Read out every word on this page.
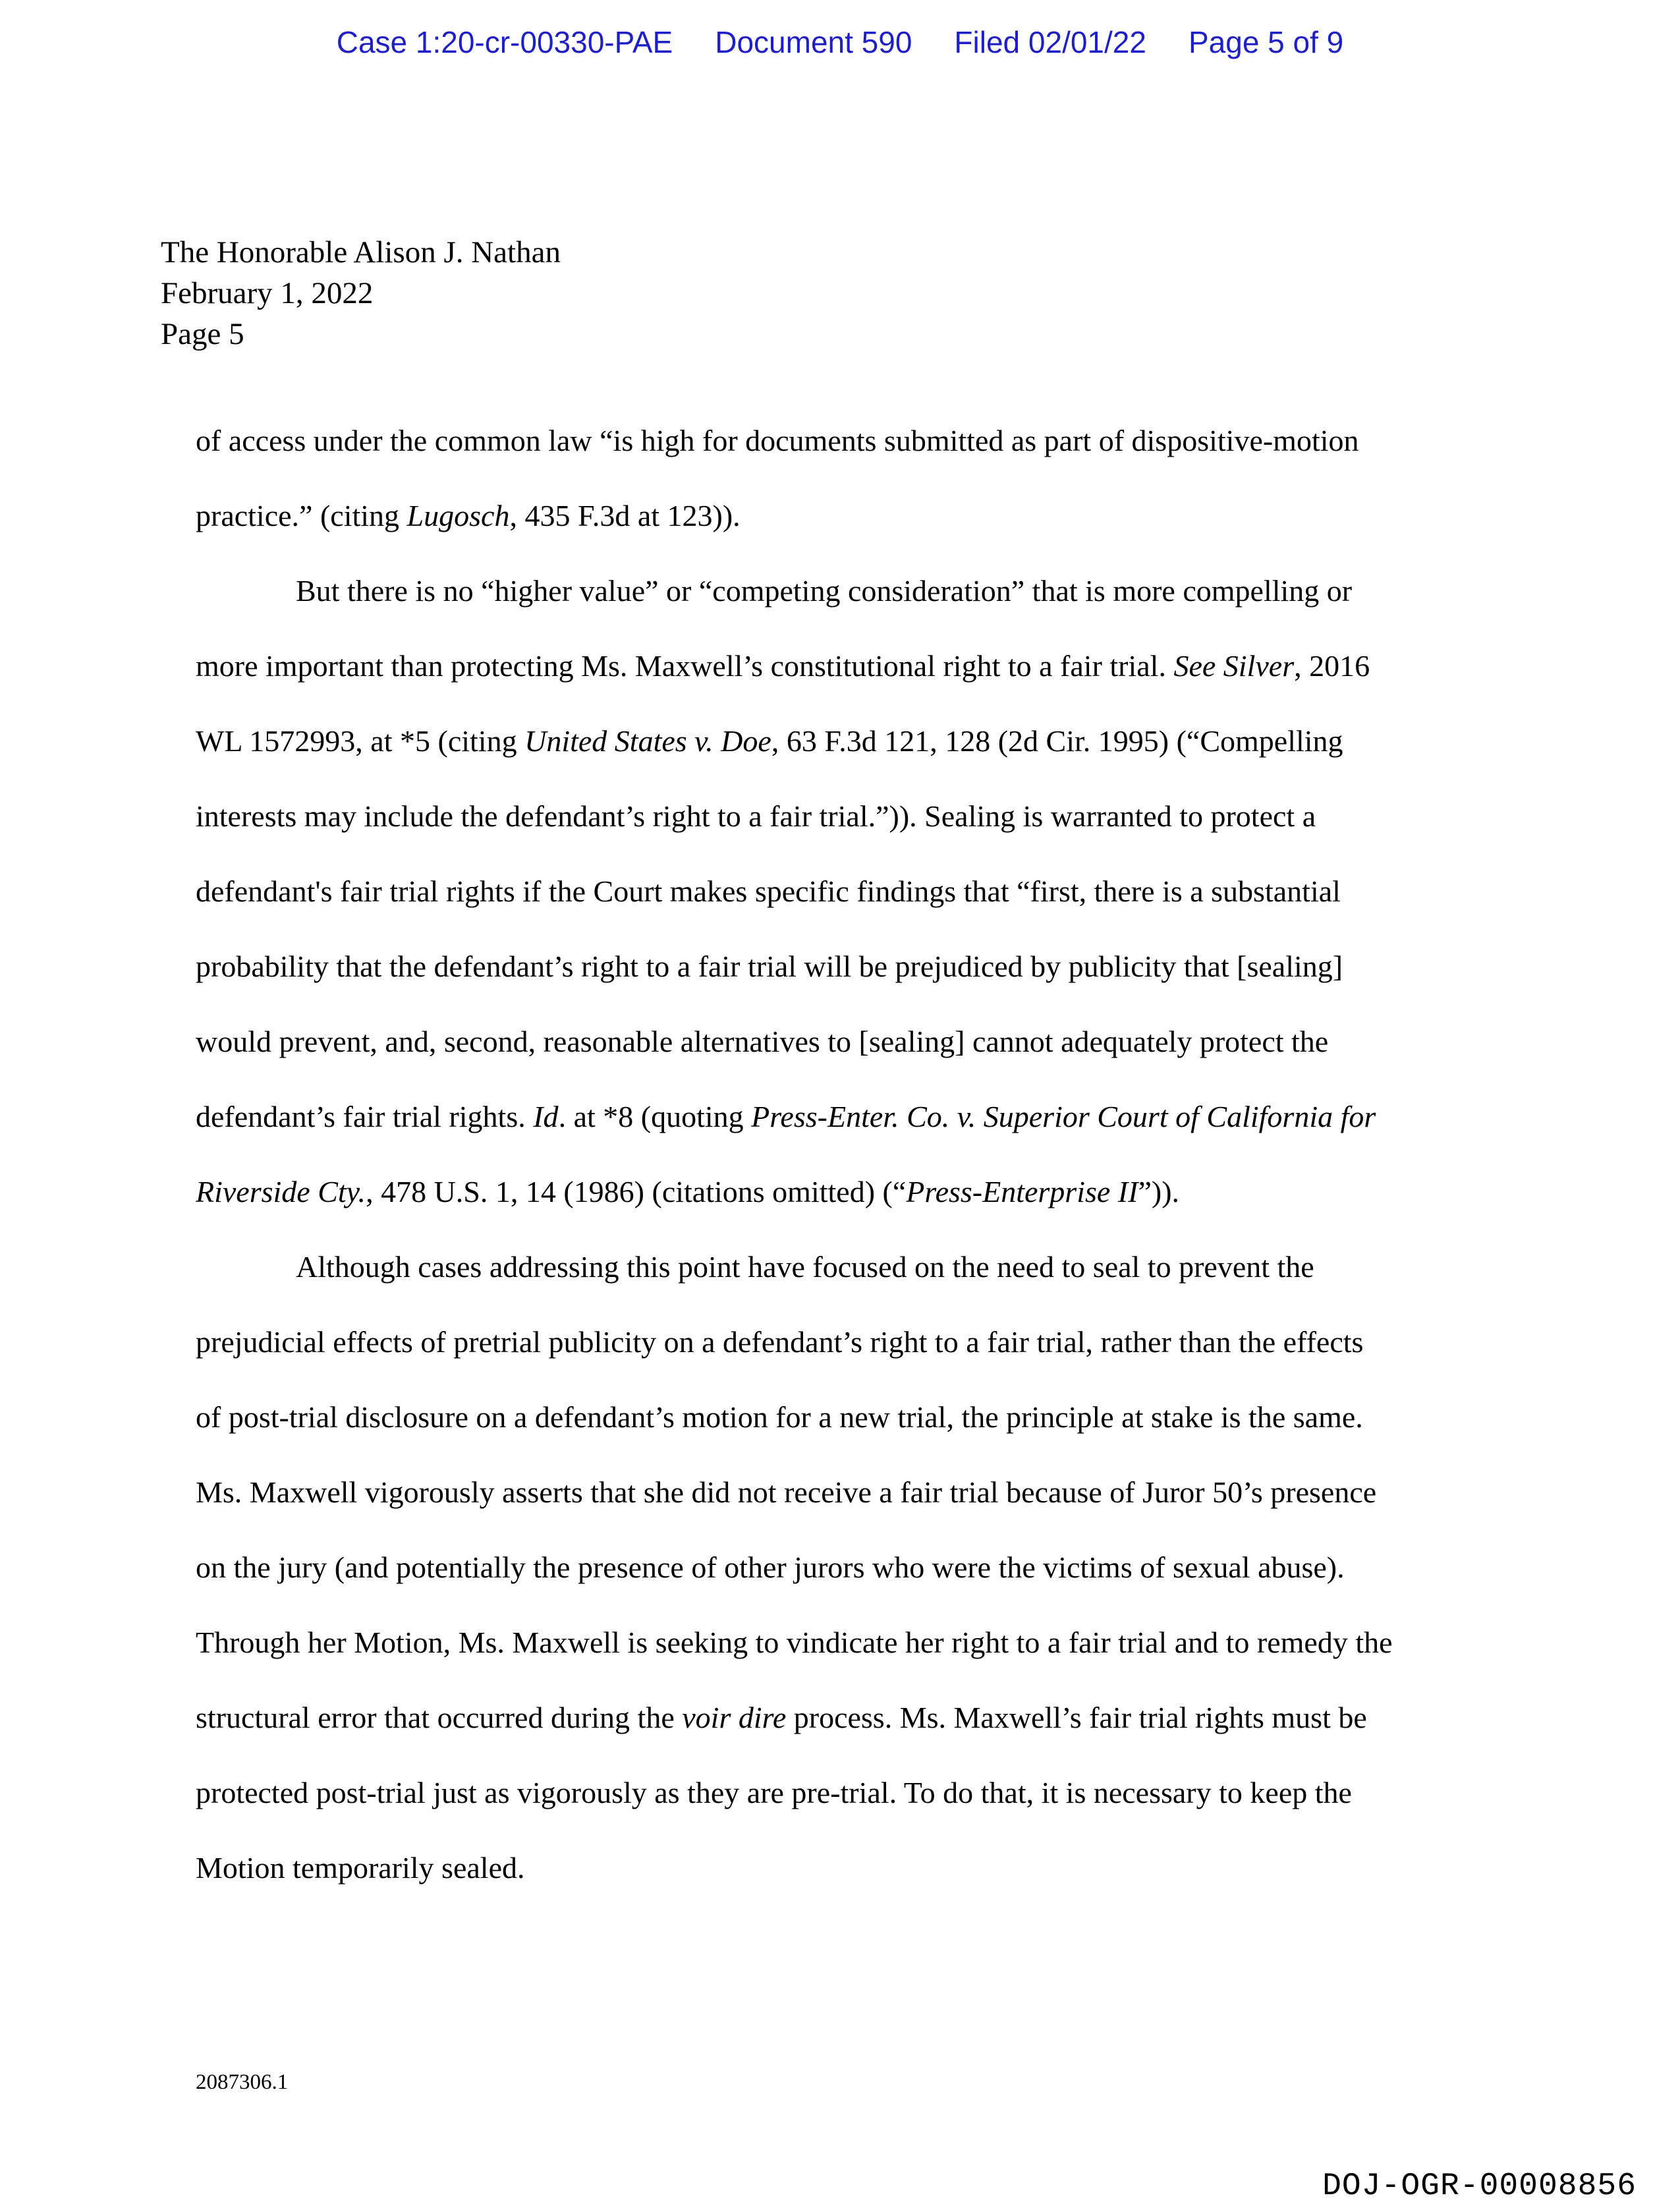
Case 1:20-cr-00330-PAE Document 590 Filed 02/01/22 Page 5 of 9
The Honorable Alison J. Nathan
February 1, 2022
Page 5
of access under the common law “is high for documents submitted as part of dispositive-motion
practice.” (citing Lugosch, 435 F.3d at 123)).
But there is no “higher value” or “competing consideration” that is more compelling or
more important than protecting Ms. Maxwell’s constitutional right to a fair trial. See Silver, 2016
WL 1572993, at *5 (citing United States v. Doe, 63 F.3d 121, 128 (2d Cir. 1995) (“Compelling
interests may include the defendant’s right to a fair trial.”)). Sealing is warranted to protect a
defendant's fair trial rights if the Court makes specific findings that “first, there is a substantial
probability that the defendant’s right to a fair trial will be prejudiced by publicity that [sealing]
would prevent, and, second, reasonable alternatives to [sealing] cannot adequately protect the
defendant’s fair trial rights. Id. at *8 (quoting Press-Enter. Co. v. Superior Court of California for
Riverside Cty., 478 U.S. 1, 14 (1986) (citations omitted) (“Press-Enterprise II”)).
Although cases addressing this point have focused on the need to seal to prevent the
prejudicial effects of pretrial publicity on a defendant’s right to a fair trial, rather than the effects
of post-trial disclosure on a defendant’s motion for a new trial, the principle at stake is the same.
Ms. Maxwell vigorously asserts that she did not receive a fair trial because of Juror 50’s presence
on the jury (and potentially the presence of other jurors who were the victims of sexual abuse).
Through her Motion, Ms. Maxwell is seeking to vindicate her right to a fair trial and to remedy the
structural error that occurred during the voir dire process. Ms. Maxwell’s fair trial rights must be
protected post-trial just as vigorously as they are pre-trial. To do that, it is necessary to keep the
Motion temporarily sealed.
2087306.1
DOJ-OGR-00008856
